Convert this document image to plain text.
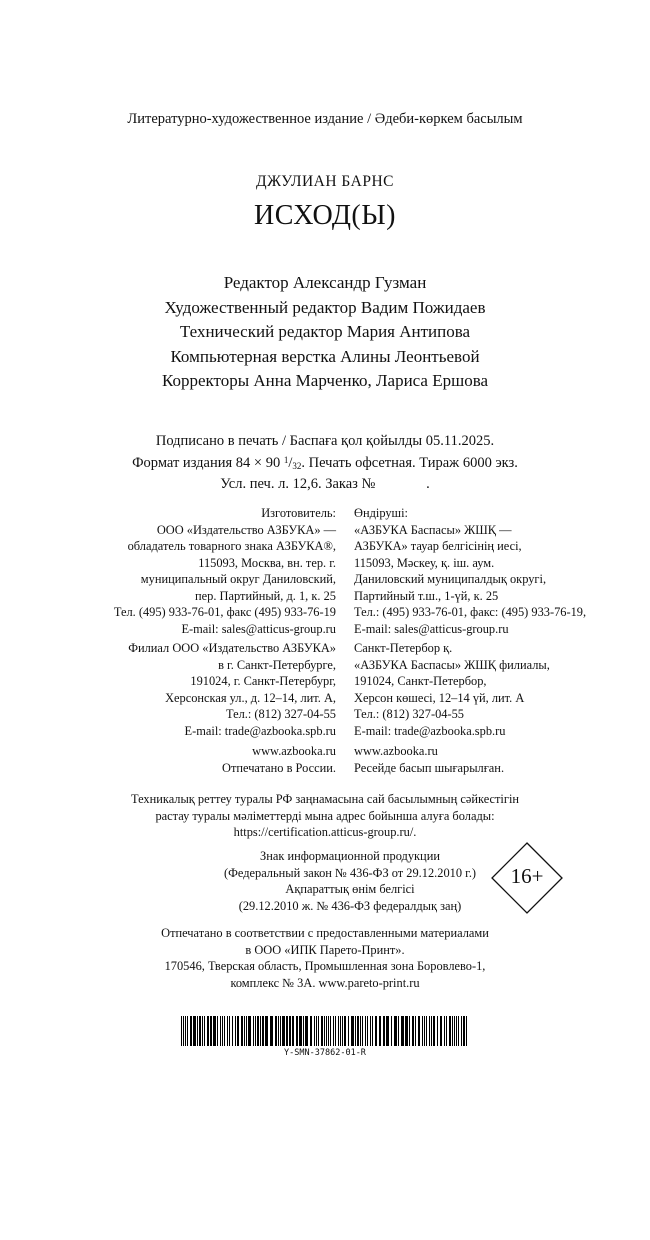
Литературно-художественное издание / Әдеби-көркем басылым
ДЖУЛИАН БАРНС
ИСХОД(Ы)
Редактор Александр Гузман
Художественный редактор Вадим Пожидаев
Технический редактор Мария Антипова
Компьютерная верстка Алины Леонтьевой
Корректоры Анна Марченко, Лариса Ершова
Подписано в печать / Баспаға қол қойылды 05.11.2025.
Формат издания 84 × 90 $^1$/32. Печать офсетная. Тираж 6000 экз.
Усл. печ. л. 12,6. Заказ №              .
Изготовитель:
ООО «Издательство АЗБУКА» —
обладатель товарного знака АЗБУКА®,
115093, Москва, вн. тер. г.
муниципальный округ Даниловский,
пер. Партийный, д. 1, к. 25
Тел. (495) 933-76-01, факс (495) 933-76-19
E-mail: sales@atticus-group.ru
Өндіруші:
«АЗБУКА Баспасы» ЖШҚ —
АЗБУКА» тауар белгісінің иесі,
115093, Мәскеу, қ. іш. аум.
Даниловский муниципалдық округі,
Партийный т.ш., 1-үй, к. 25
Тел.: (495) 933-76-01, факс: (495) 933-76-19,
E-mail: sales@atticus-group.ru
Филиал ООО «Издательство АЗБУКА»
в г. Санкт-Петербурге,
191024, г. Санкт-Петербург,
Херсонская ул., д. 12–14, лит. А,
Тел.: (812) 327-04-55
E-mail: trade@azbooka.spb.ru
Санкт-Петербор қ.
«АЗБУКА Баспасы» ЖШҚ филиалы,
191024, Санкт-Петербор,
Херсон көшесі, 12–14 үй, лит. А
Тел.: (812) 327-04-55
E-mail: trade@azbooka.spb.ru
www.azbooka.ru
Отпечатано в России.
www.azbooka.ru
Ресейде басып шығарылған.
Техникалық реттеу туралы РФ заңнамасына сай басылымның сәйкестігін
растау туралы мәліметтерді мына адрес бойынша алуға болады:
https://certification.atticus-group.ru/.
Знак информационной продукции
(Федеральный закон № 436-ФЗ от 29.12.2010 г.)
Ақпараттық өнім белгісі
(29.12.2010 ж. № 436-ФЗ федералдық заң)
16+
Отпечатано в соответствии с предоставленными материалами
в ООО «ИПК Парето-Принт».
170546, Тверская область, Промышленная зона Боровлево-1,
комплекс № 3А. www.pareto-print.ru
Y-SMN-37862-01-R
